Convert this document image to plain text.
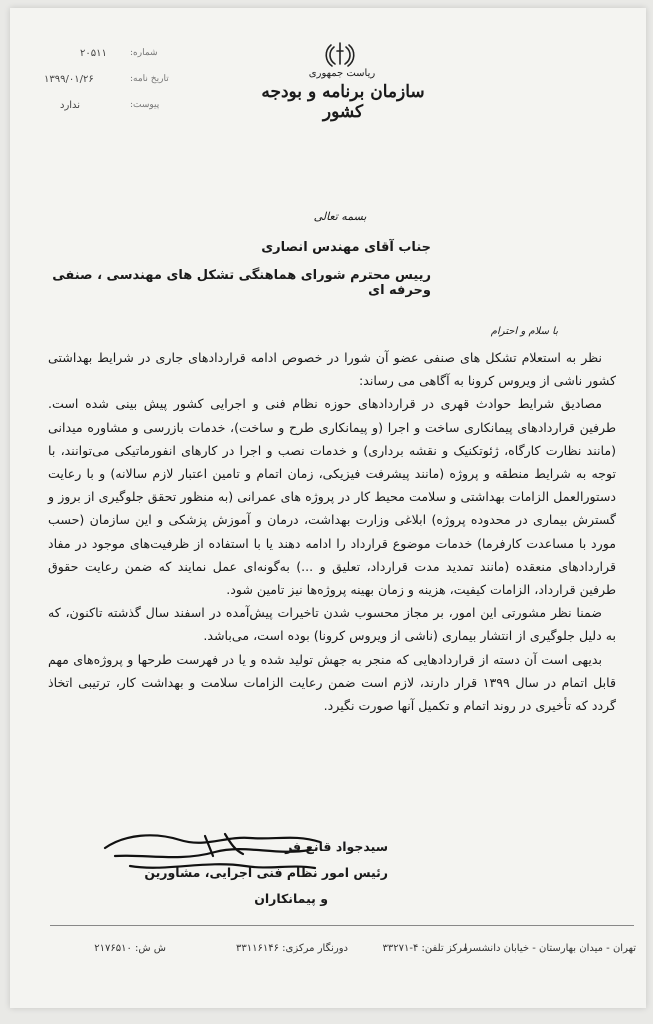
ریاست جمهوری
سازمان برنامه و بودجه کشور
شماره:
۲۰۵۱۱
تاریخ نامه:
۱۳۹۹/۰۱/۲۶
پیوست:
ندارد
بسمه تعالی
جناب آقای مهندس انصاری
رییس محترم شورای هماهنگی تشکل های مهندسی ، صنفی وحرفه ای
با سلام و احترام

نظر به استعلام تشکل های صنفی عضو آن شورا در خصوص ادامه قراردادهای جاری در شرایط بهداشتی کشور ناشی از ویروس کرونا به آگاهی می رساند:

مصادیق شرایط حوادث قهری در قراردادهای حوزه نظام فنی و اجرایی کشور پیش بینی شده است. طرفین قراردادهای پیمانکاری ساخت و اجرا (و پیمانکاری طرح و ساخت)، خدمات بازرسی و مشاوره میدانی (مانند نظارت کارگاه، ژئوتکنیک و نقشه برداری) و خدمات نصب و اجرا در کارهای انفورماتیکی می‌توانند، با توجه به شرایط منطقه و پروژه (مانند پیشرفت فیزیکی، زمان اتمام و تامین اعتبار لازم سالانه) و با رعایت دستورالعمل الزامات بهداشتی و سلامت محیط کار در پروژه های عمرانی (به منظور تحقق جلوگیری از بروز و گسترش بیماری در محدوده پروژه) ابلاغی وزارت بهداشت، درمان و آموزش پزشکی و این سازمان (حسب مورد با مساعدت کارفرما) خدمات موضوع قرارداد را ادامه دهند یا با استفاده از ظرفیت‌های موجود در مفاد قراردادهای منعقده (مانند تمدید مدت قرارداد، تعلیق و ...) به‌گونه‌ای عمل نمایند که ضمن رعایت حقوق طرفین قرارداد، الزامات کیفیت، هزینه و زمان بهینه پروژه‌ها نیز تامین شود.

ضمنا نظر مشورتی این امور، بر مجاز محسوب شدن تاخیرات پیش‌آمده در اسفند سال گذشته تاکنون، که به دلیل جلوگیری از انتشار بیماری (ناشی از ویروس کرونا) بوده است، می‌باشد.

بدیهی است آن دسته از قراردادهایی که منجر به جهش تولید شده و یا در فهرست طرحها و پروژه‌های مهم قابل اتمام در سال ۱۳۹۹ قرار دارند، لازم است ضمن رعایت الزامات سلامت و بهداشت کار، ترتیبی اتخاذ گردد که تأخیری در روند اتمام و تکمیل آنها صورت نگیرد.

سیدجواد قانع فر
رئیس امور نظام فنی اجرایی، مشاورین
و پیمانکاران
تهران - میدان بهارستان - خیابان دانشسرا
مرکز تلفن: ۴-۳۳۲۷۱
دورنگار مرکزی: ۳۳۱۱۶۱۴۶
ش ش: ۲۱۷۶۵۱۰
